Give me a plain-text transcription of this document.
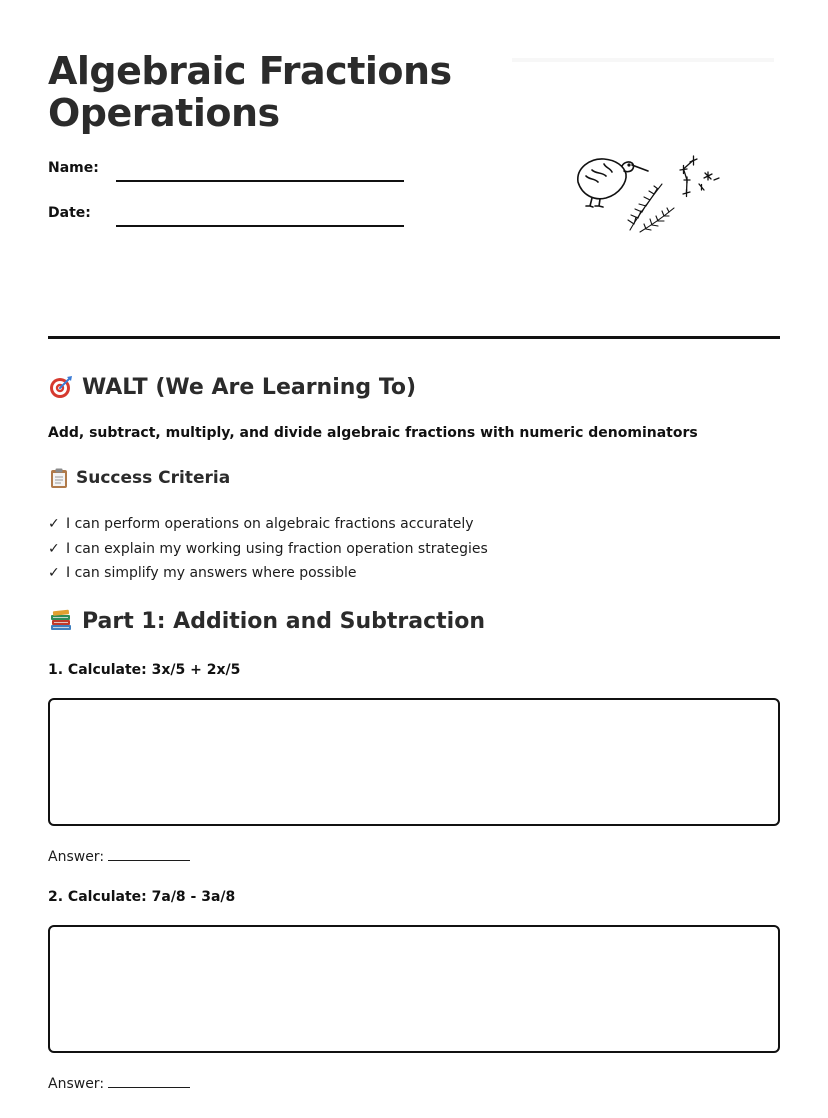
Algebraic Fractions Operations
Name:
Date:
WALT (We Are Learning To)
Add, subtract, multiply, and divide algebraic fractions with numeric denominators
Success Criteria
✓ I can perform operations on algebraic fractions accurately
✓ I can explain my working using fraction operation strategies
✓ I can simplify my answers where possible
Part 1: Addition and Subtraction
1. Calculate: 3x/5 + 2x/5
Answer:
2. Calculate: 7a/8 - 3a/8
Answer:
